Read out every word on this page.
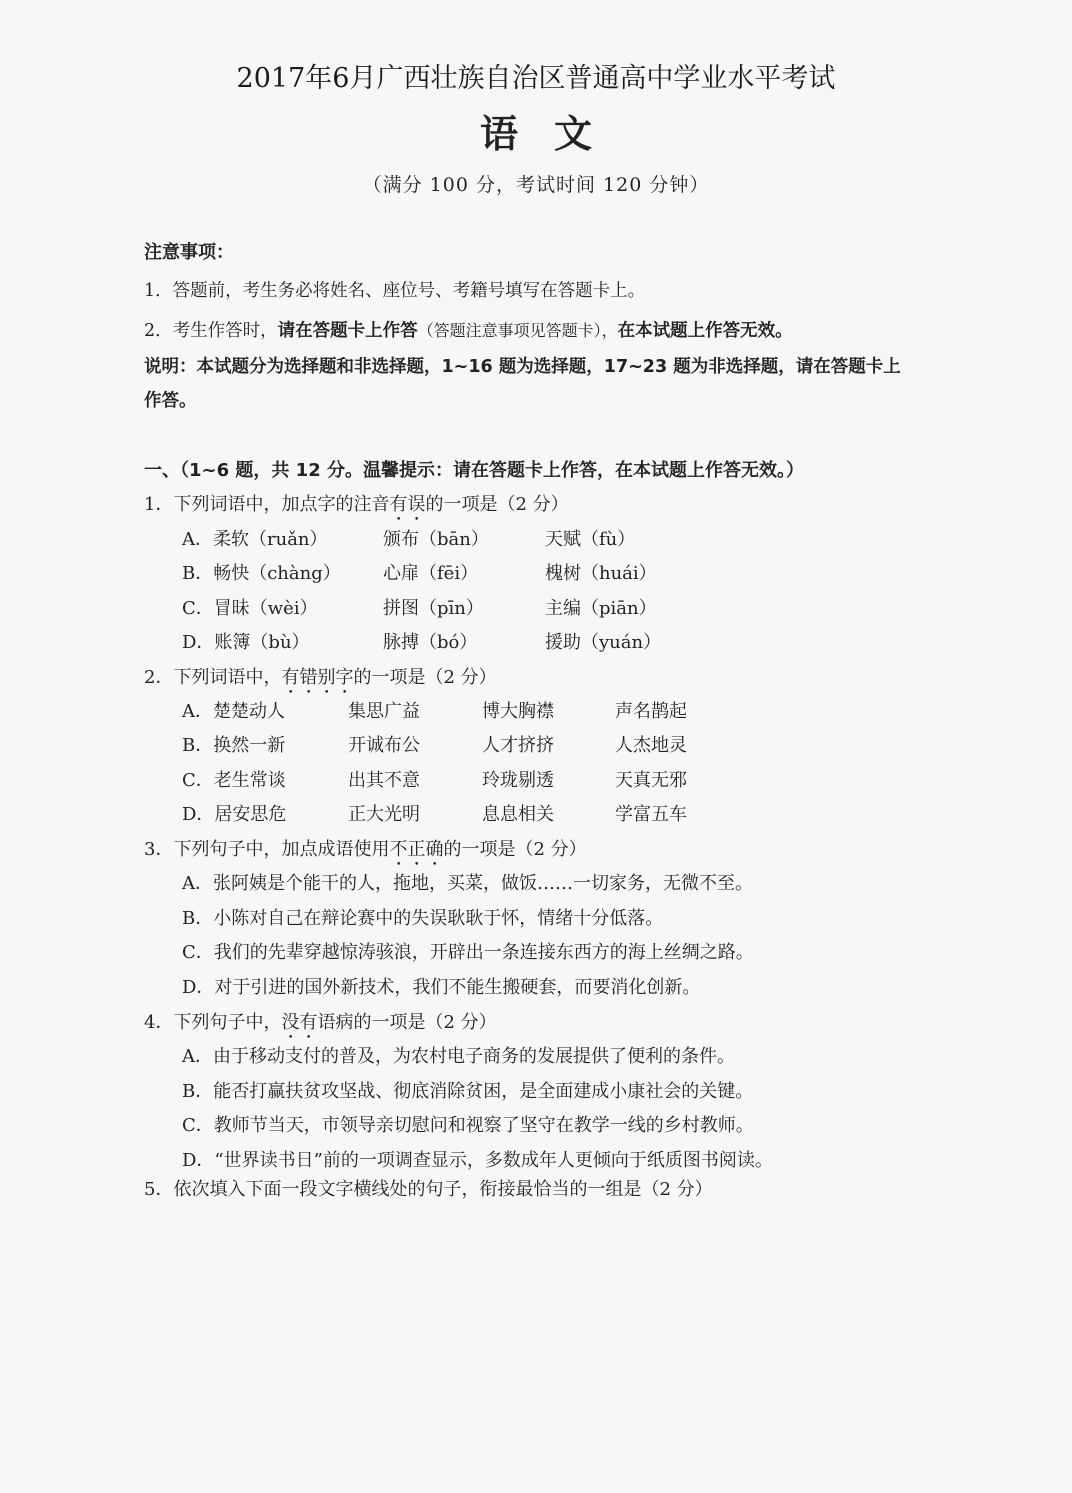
2017年6月广西壮族自治区普通高中学业水平考试
语文
（满分 100 分，考试时间 120 分钟）
注意事项：
1．答题前，考生务必将姓名、座位号、考籍号填写在答题卡上。
2．考生作答时，请在答题卡上作答（答题注意事项见答题卡），在本试题上作答无效。
说明：本试题分为选择题和非选择题，1~16 题为选择题，17~23 题为非选择题，请在答题卡上
作答。
一、（1~6 题，共 12 分。温馨提示：请在答题卡上作答，在本试题上作答无效。）
1．下列词语中，加点字的注音有误的一项是（2 分）
A．柔软（ruǎn）	颁布（bān）	天赋（fù）
B．畅快（chàng） 心扉（fēi）	槐树（huái）
C．冒昧（wèi）	拼图（pīn）	主编（piān）
D．账簿（bù）	脉搏（bó）	援助（yuán）
2．下列词语中，有错别字的一项是（2 分）
A．楚楚动人	集思广益	博大胸襟	声名鹊起
B．换然一新	开诚布公	人才挤挤	人杰地灵
C．老生常谈	出其不意	玲珑剔透	天真无邪
D．居安思危	正大光明	息息相关	学富五车
3．下列句子中，加点成语使用不正确的一项是（2 分）
A．张阿姨是个能干的人，拖地，买菜，做饭……一切家务，无微不至。
B．小陈对自己在辩论赛中的失误耿耿于怀，情绪十分低落。
C．我们的先辈穿越惊涛骇浪，开辟出一条连接东西方的海上丝绸之路。
D．对于引进的国外新技术，我们不能生搬硬套，而要消化创新。
4．下列句子中，没有语病的一项是（2 分）
A．由于移动支付的普及，为农村电子商务的发展提供了便利的条件。
B．能否打赢扶贫攻坚战、彻底消除贫困，是全面建成小康社会的关键。
C．教师节当天，市领导亲切慰问和视察了坚守在教学一线的乡村教师。
D．“世界读书日”前的一项调查显示，多数成年人更倾向于纸质图书阅读。
5．依次填入下面一段文字横线处的句子，衔接最恰当的一组是（2 分）
